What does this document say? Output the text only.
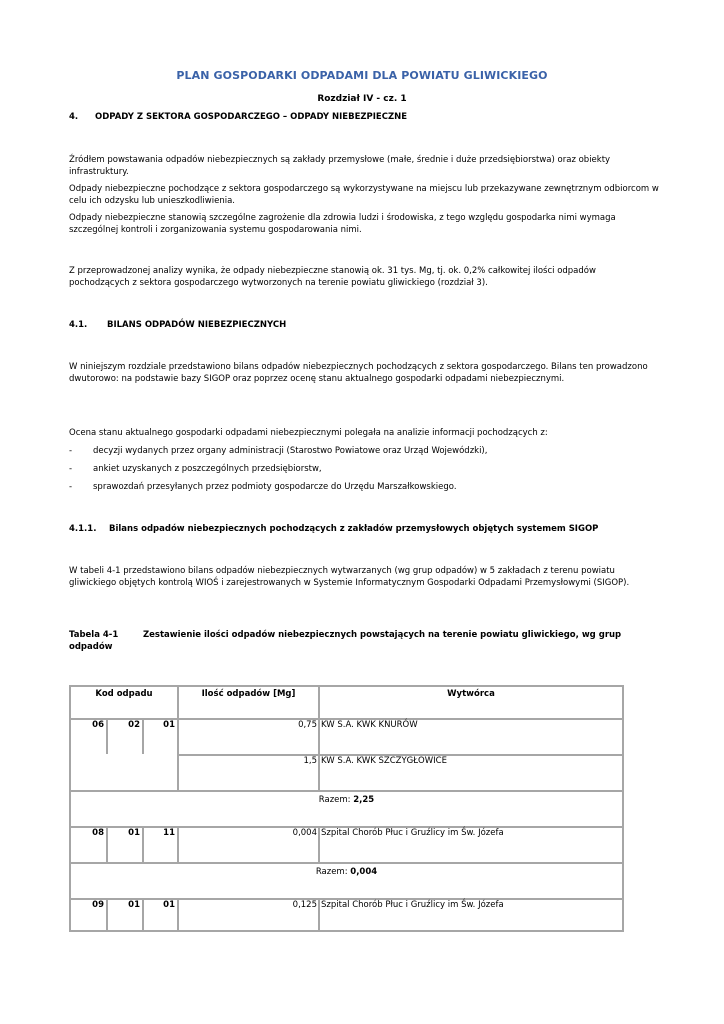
PLAN GOSPODARKI ODPADAMI DLA POWIATU GLIWICKIEGO
Rozdział IV - cz. 1
4. ODPADY Z SEKTORA GOSPODARCZEGO – ODPADY NIEBEZPIECZNE
Źródłem powstawania odpadów niebezpiecznych są zakłady przemysłowe (małe, średnie i duże przedsiębiorstwa) oraz obiekty infrastruktury.
Odpady niebezpieczne pochodzące z sektora gospodarczego są wykorzystywane na miejscu lub przekazywane zewnętrznym odbiorcom w celu ich odzysku lub unieszkodliwienia.
Odpady niebezpieczne stanowią szczególne zagrożenie dla zdrowia ludzi i środowiska, z tego względu gospodarka nimi wymaga szczególnej kontroli i zorganizowania systemu gospodarowania nimi.
Z przeprowadzonej analizy wynika, że odpady niebezpieczne stanowią ok. 31 tys. Mg, tj. ok. 0,2% całkowitej ilości odpadów pochodzących z sektora gospodarczego wytworzonych na terenie powiatu gliwickiego (rozdział 3).
4.1. BILANS ODPADÓW NIEBEZPIECZNYCH
W niniejszym rozdziale przedstawiono bilans odpadów niebezpiecznych pochodzących z sektora gospodarczego. Bilans ten prowadzono dwutorowo: na podstawie bazy SIGOP oraz poprzez ocenę stanu aktualnego gospodarki odpadami niebezpiecznymi.
Ocena stanu aktualnego gospodarki odpadami niebezpiecznymi polegała na analizie informacji pochodzących z:
- decyzji wydanych przez organy administracji (Starostwo Powiatowe oraz Urząd Wojewódzki),
- ankiet uzyskanych z poszczególnych przedsiębiorstw,
- sprawozdań przesyłanych przez podmioty gospodarcze do Urzędu Marszałkowskiego.
4.1.1. Bilans odpadów niebezpiecznych pochodzących z zakładów przemysłowych objętych systemem SIGOP
W tabeli 4-1 przedstawiono bilans odpadów niebezpiecznych wytwarzanych (wg grup odpadów) w 5 zakładach z terenu powiatu gliwickiego objętych kontrolą WIOŚ i zarejestrowanych w Systemie Informatycznym Gospodarki Odpadami Przemysłowymi (SIGOP).
Tabela 4-1	Zestawienie ilości odpadów niebezpiecznych powstających na terenie powiatu gliwickiego, wg grup odpadów
Kod odpadu	Ilość odpadów [Mg]	Wytwórca
06	02	01	0,75 KW S.A. KWK KNURÓW
1,5 KW S.A. KWK SZCZYGŁOWICE
Razem: 2,25
08	01	11	0,004 Szpital Chorób Płuc i Gruźlicy im Św. Józefa
Razem: 0,004
09	01	01	0,125 Szpital Chorób Płuc i Gruźlicy im Św. Józefa
